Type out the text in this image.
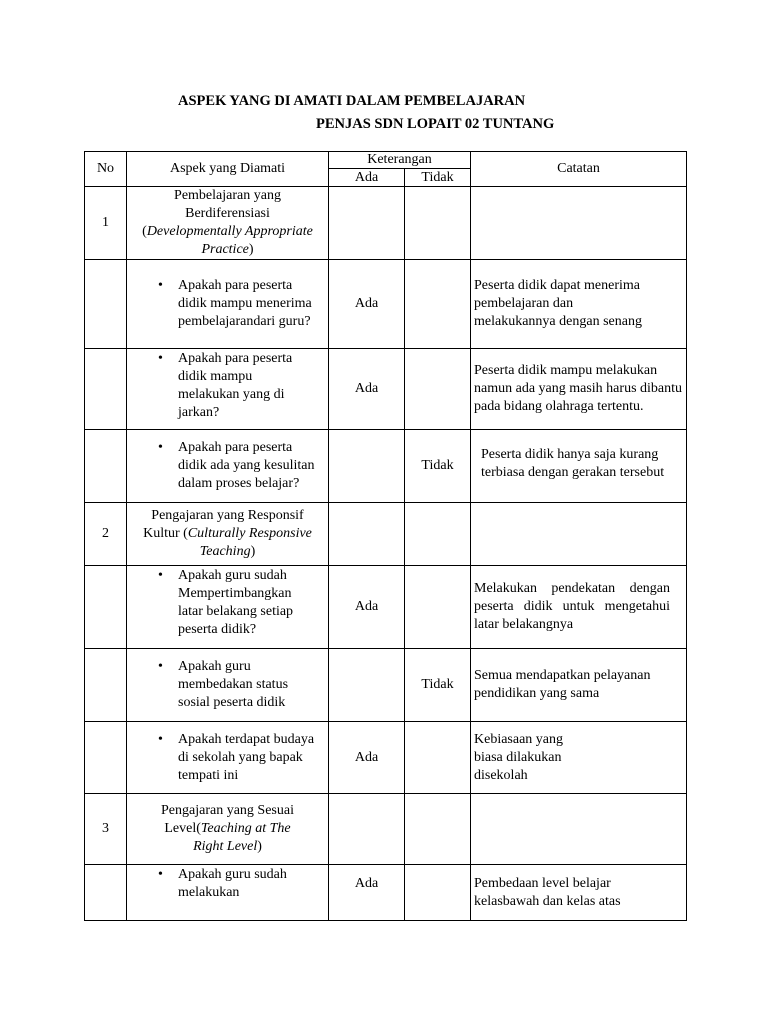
ASPEK YANG DI AMATI DALAM PEMBELAJARAN
PENJAS SDN LOPAIT 02 TUNTANG
No	Aspek yang Diamati	Keterangan		Catatan
		Ada	Tidak	
1	Pembelajaran yang Berdiferensiasi
(Developmentally Appropriate Practice)			

	• Apakah para peserta didik mampu menerima pembelajarandari guru?	Ada		Peserta didik dapat menerima pembelajaran dan melakukannya dengan senang

	• Apakah para peserta didik mampu melakukan yang di jarkan?	Ada		Peserta didik mampu melakukan namun ada yang masih harus dibantu pada bidang olahraga tertentu.

	• Apakah para peserta didik ada yang kesulitan dalam proses belajar?		Tidak	Peserta didik hanya saja kurang terbiasa dengan gerakan tersebut
2	Pengajaran yang Responsif Kultur (Culturally Responsive Teaching)			

	• Apakah guru sudah Mempertimbangkan latar belakang setiap peserta didik?	Ada		Melakukan pendekatan dengan peserta didik untuk mengetahui latar belakangnya

	• Apakah guru membedakan status sosial peserta didik		Tidak	Semua mendapatkan pelayanan pendidikan yang sama

	• Apakah terdapat budaya di sekolah yang bapak tempati ini	Ada		Kebiasaan yang biasa dilakukan disekolah
3	Pengajaran yang Sesuai Level(Teaching at The Right Level)			

	• Apakah guru sudah melakukan	Ada		Pembedaan level belajar kelasbawah dan kelas atas
